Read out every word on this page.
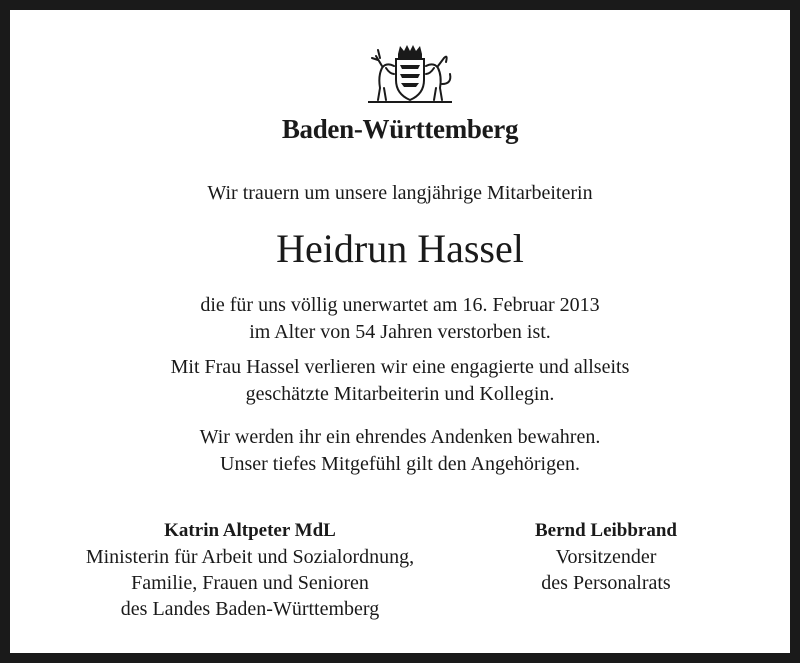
Baden-Württemberg
Wir trauern um unsere langjährige Mitarbeiterin
Heidrun Hassel
die für uns völlig unerwartet am 16. Februar 2013
im Alter von 54 Jahren verstorben ist.
Mit Frau Hassel verlieren wir eine engagierte und allseits
geschätzte Mitarbeiterin und Kollegin.
Wir werden ihr ein ehrendes Andenken bewahren.
Unser tiefes Mitgefühl gilt den Angehörigen.
Katrin Altpeter MdL
Ministerin für Arbeit und Sozialordnung,
Familie, Frauen und Senioren
des Landes Baden-Württemberg
Bernd Leibbrand
Vorsitzender
des Personalrats
